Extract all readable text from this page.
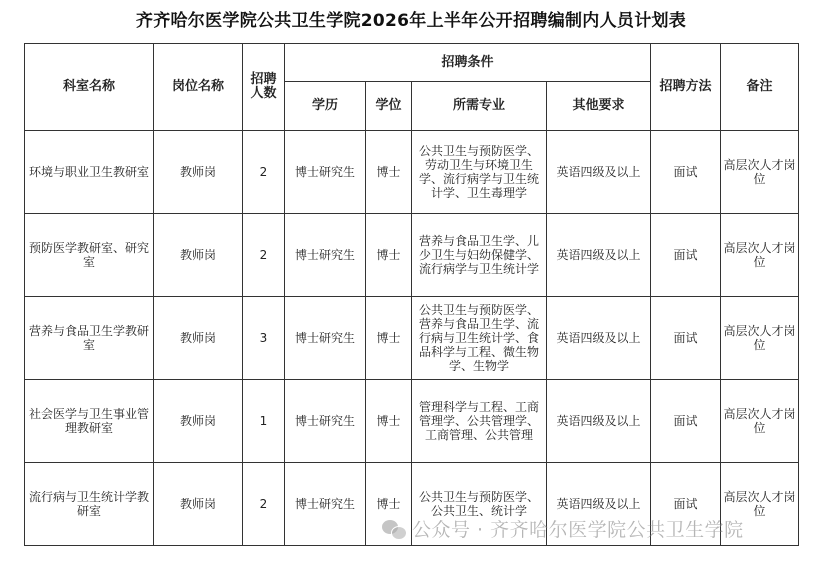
齐齐哈尔医学院公共卫生学院2026年上半年公开招聘编制内人员计划表
科室名称	岗位名称	招聘人数	招聘条件				招聘方法	备注
			学历	学位	所需专业	其他要求		
环境与职业卫生教研室	教师岗	2	博士研究生	博士	公共卫生与预防医学、劳动卫生与环境卫生学、流行病学与卫生统计学、卫生毒理学	英语四级及以上	面试	高层次人才岗位
预防医学教研室、研究室	教师岗	2	博士研究生	博士	营养与食品卫生学、儿少卫生与妇幼保健学、流行病学与卫生统计学	英语四级及以上	面试	高层次人才岗位
营养与食品卫生学教研室	教师岗	3	博士研究生	博士	公共卫生与预防医学、营养与食品卫生学、流行病与卫生统计学、食品科学与工程、微生物学、生物学	英语四级及以上	面试	高层次人才岗位
社会医学与卫生事业管理教研室	教师岗	1	博士研究生	博士	管理科学与工程、工商管理学、公共管理学、工商管理、公共管理	英语四级及以上	面试	高层次人才岗位
流行病与卫生统计学教研室	教师岗	2	博士研究生	博士	公共卫生与预防医学、公共卫生、统计学	英语四级及以上	面试	高层次人才岗位
公众号 · 齐齐哈尔医学院公共卫生学院
